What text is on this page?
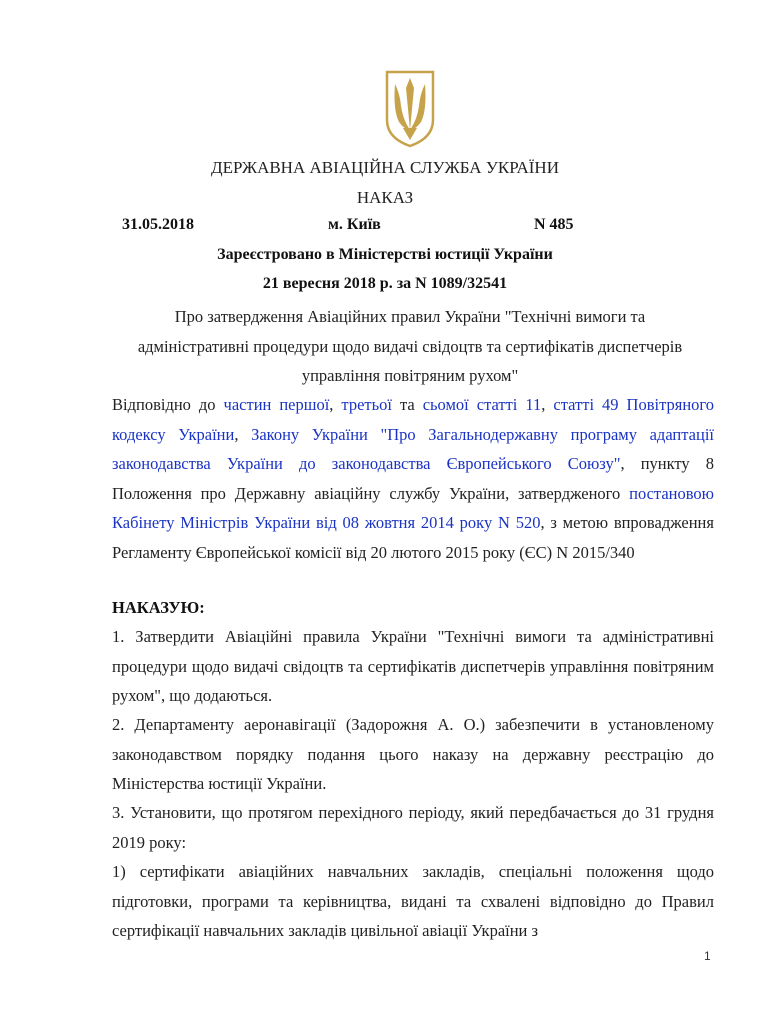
ДЕРЖАВНА АВІАЦІЙНА СЛУЖБА УКРАЇНИ
НАКАЗ
31.05.2018	м. Київ	N 485
Зареєстровано в Міністерстві юстиції України
21 вересня 2018 р. за N 1089/32541
Про затвердження Авіаційних правил України "Технічні вимоги та
адміністративні процедури щодо видачі свідоцтв та сертифікатів диспетчерів
управління повітряним рухом"
Відповідно до частин першої, третьої та сьомої статті 11, статті 49 Повітряного кодексу України, Закону України "Про Загальнодержавну програму адаптації законодавства України до законодавства Європейського Союзу", пункту 8 Положення про Державну авіаційну службу України, затвердженого постановою Кабінету Міністрів України від 08 жовтня 2014 року N 520, з метою впровадження Регламенту Європейської комісії від 20 лютого 2015 року (ЄС) N 2015/340
НАКАЗУЮ:
1. Затвердити Авіаційні правила України "Технічні вимоги та адміністративні процедури щодо видачі свідоцтв та сертифікатів диспетчерів управління повітряним рухом", що додаються.
2. Департаменту аеронавігації (Задорожня А. О.) забезпечити в установленому законодавством порядку подання цього наказу на державну реєстрацію до Міністерства юстиції України.
3. Установити, що протягом перехідного періоду, який передбачається до 31 грудня 2019 року:
1) сертифікати авіаційних навчальних закладів, спеціальні положення щодо підготовки, програми та керівництва, видані та схвалені відповідно до Правил сертифікації навчальних закладів цивільної авіації України з
1
